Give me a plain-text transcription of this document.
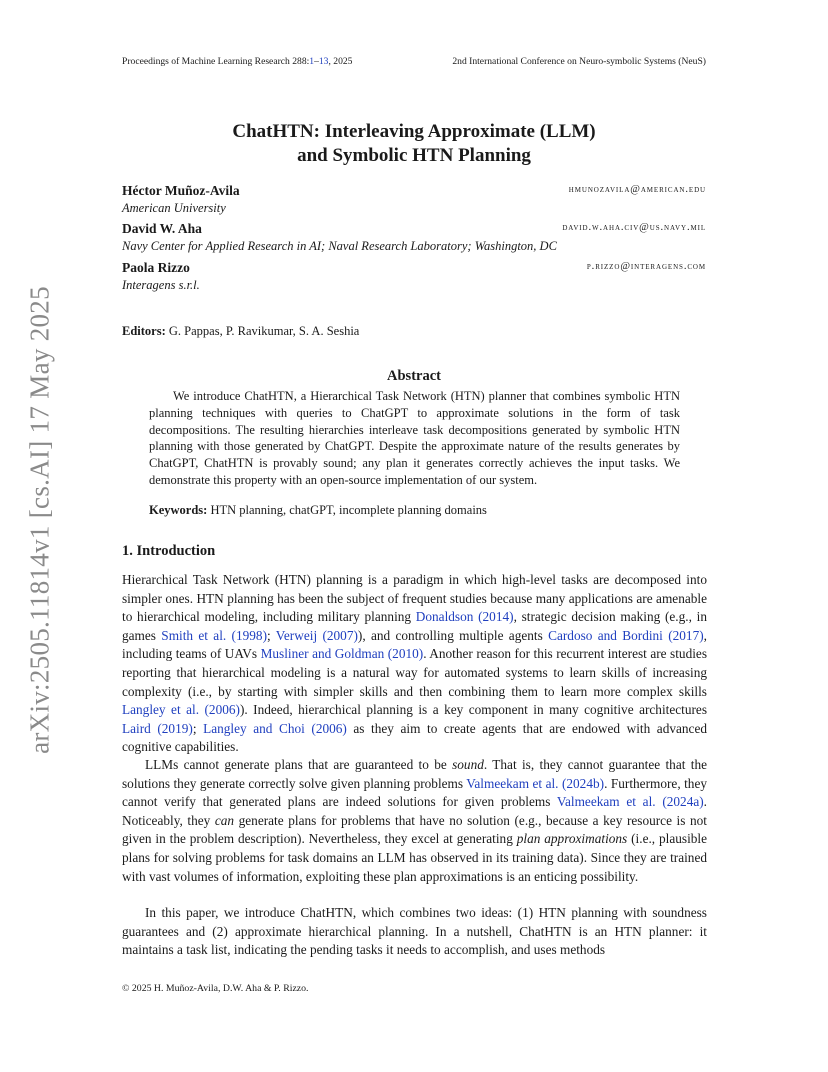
Proceedings of Machine Learning Research 288:1–13, 2025	2nd International Conference on Neuro-symbolic Systems (NeuS)
ChatHTN: Interleaving Approximate (LLM)
and Symbolic HTN Planning
Héctor Muñoz-Avila	hmunozavila@american.edu
American University
David W. Aha	david.w.aha.civ@us.navy.mil
Navy Center for Applied Research in AI; Naval Research Laboratory; Washington, DC
Paola Rizzo	p.rizzo@interagens.com
Interagens s.r.l.
Editors: G. Pappas, P. Ravikumar, S. A. Seshia
Abstract

We introduce ChatHTN, a Hierarchical Task Network (HTN) planner that combines symbolic HTN planning techniques with queries to ChatGPT to approximate solutions in the form of task decompositions. The resulting hierarchies interleave task decompositions generated by symbolic HTN planning with those generated by ChatGPT. Despite the approximate nature of the results generates by ChatGPT, ChatHTN is provably sound; any plan it generates correctly achieves the input tasks. We demonstrate this property with an open-source implementation of our system.

Keywords: HTN planning, chatGPT, incomplete planning domains
1. Introduction

Hierarchical Task Network (HTN) planning is a paradigm in which high-level tasks are decomposed into simpler ones. HTN planning has been the subject of frequent studies because many applications are amenable to hierarchical modeling, including military planning Donaldson (2014), strategic decision making (e.g., in games Smith et al. (1998); Verweij (2007)), and controlling multiple agents Cardoso and Bordini (2017), including teams of UAVs Musliner and Goldman (2010). Another reason for this recurrent interest are studies reporting that hierarchical modeling is a natural way for automated systems to learn skills of increasing complexity (i.e., by starting with simpler skills and then combining them to learn more complex skills Langley et al. (2006)). Indeed, hierarchical planning is a key component in many cognitive architectures Laird (2019); Langley and Choi (2006) as they aim to create agents that are endowed with advanced cognitive capabilities.

LLMs cannot generate plans that are guaranteed to be sound. That is, they cannot guarantee that the solutions they generate correctly solve given planning problems Valmeekam et al. (2024b). Furthermore, they cannot verify that generated plans are indeed solutions for given problems Valmeekam et al. (2024a). Noticeably, they can generate plans for problems that have no solution (e.g., because a key resource is not given in the problem description). Nevertheless, they excel at generating plan approximations (i.e., plausible plans for solving problems for task domains an LLM has observed in its training data). Since they are trained with vast volumes of information, exploiting these plan approximations is an enticing possibility.

In this paper, we introduce ChatHTN, which combines two ideas: (1) HTN planning with soundness guarantees and (2) approximate hierarchical planning. In a nutshell, ChatHTN is an HTN planner: it maintains a task list, indicating the pending tasks it needs to accomplish, and uses methods

© 2025 H. Muñoz-Avila, D.W. Aha & P. Rizzo.
arXiv:2505.11814v1 [cs.AI] 17 May 2025
